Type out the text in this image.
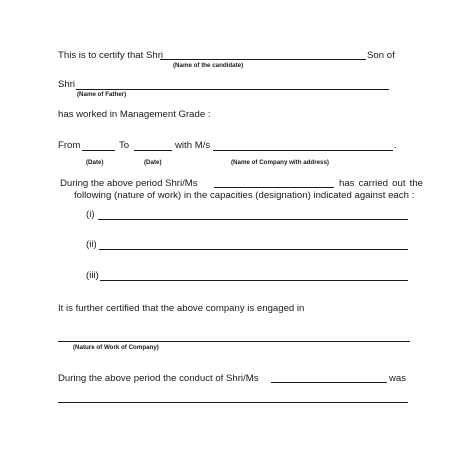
This is to certify that Shri	Son of
(Name of the candidate)
Shri
(Name of Father)
has worked in Management Grade :
From	To	with M/s	.
(Date)	(Date)	(Name of Company with address)
During the above period Shri/Ms	has carried out the
following (nature of work) in the capacities (designation) indicated against each :
(i)
(ii)
(iii)
It is further certified that the above company is engaged in
(Nature of Work of Company)
During the above period the conduct of Shri/Ms	was
